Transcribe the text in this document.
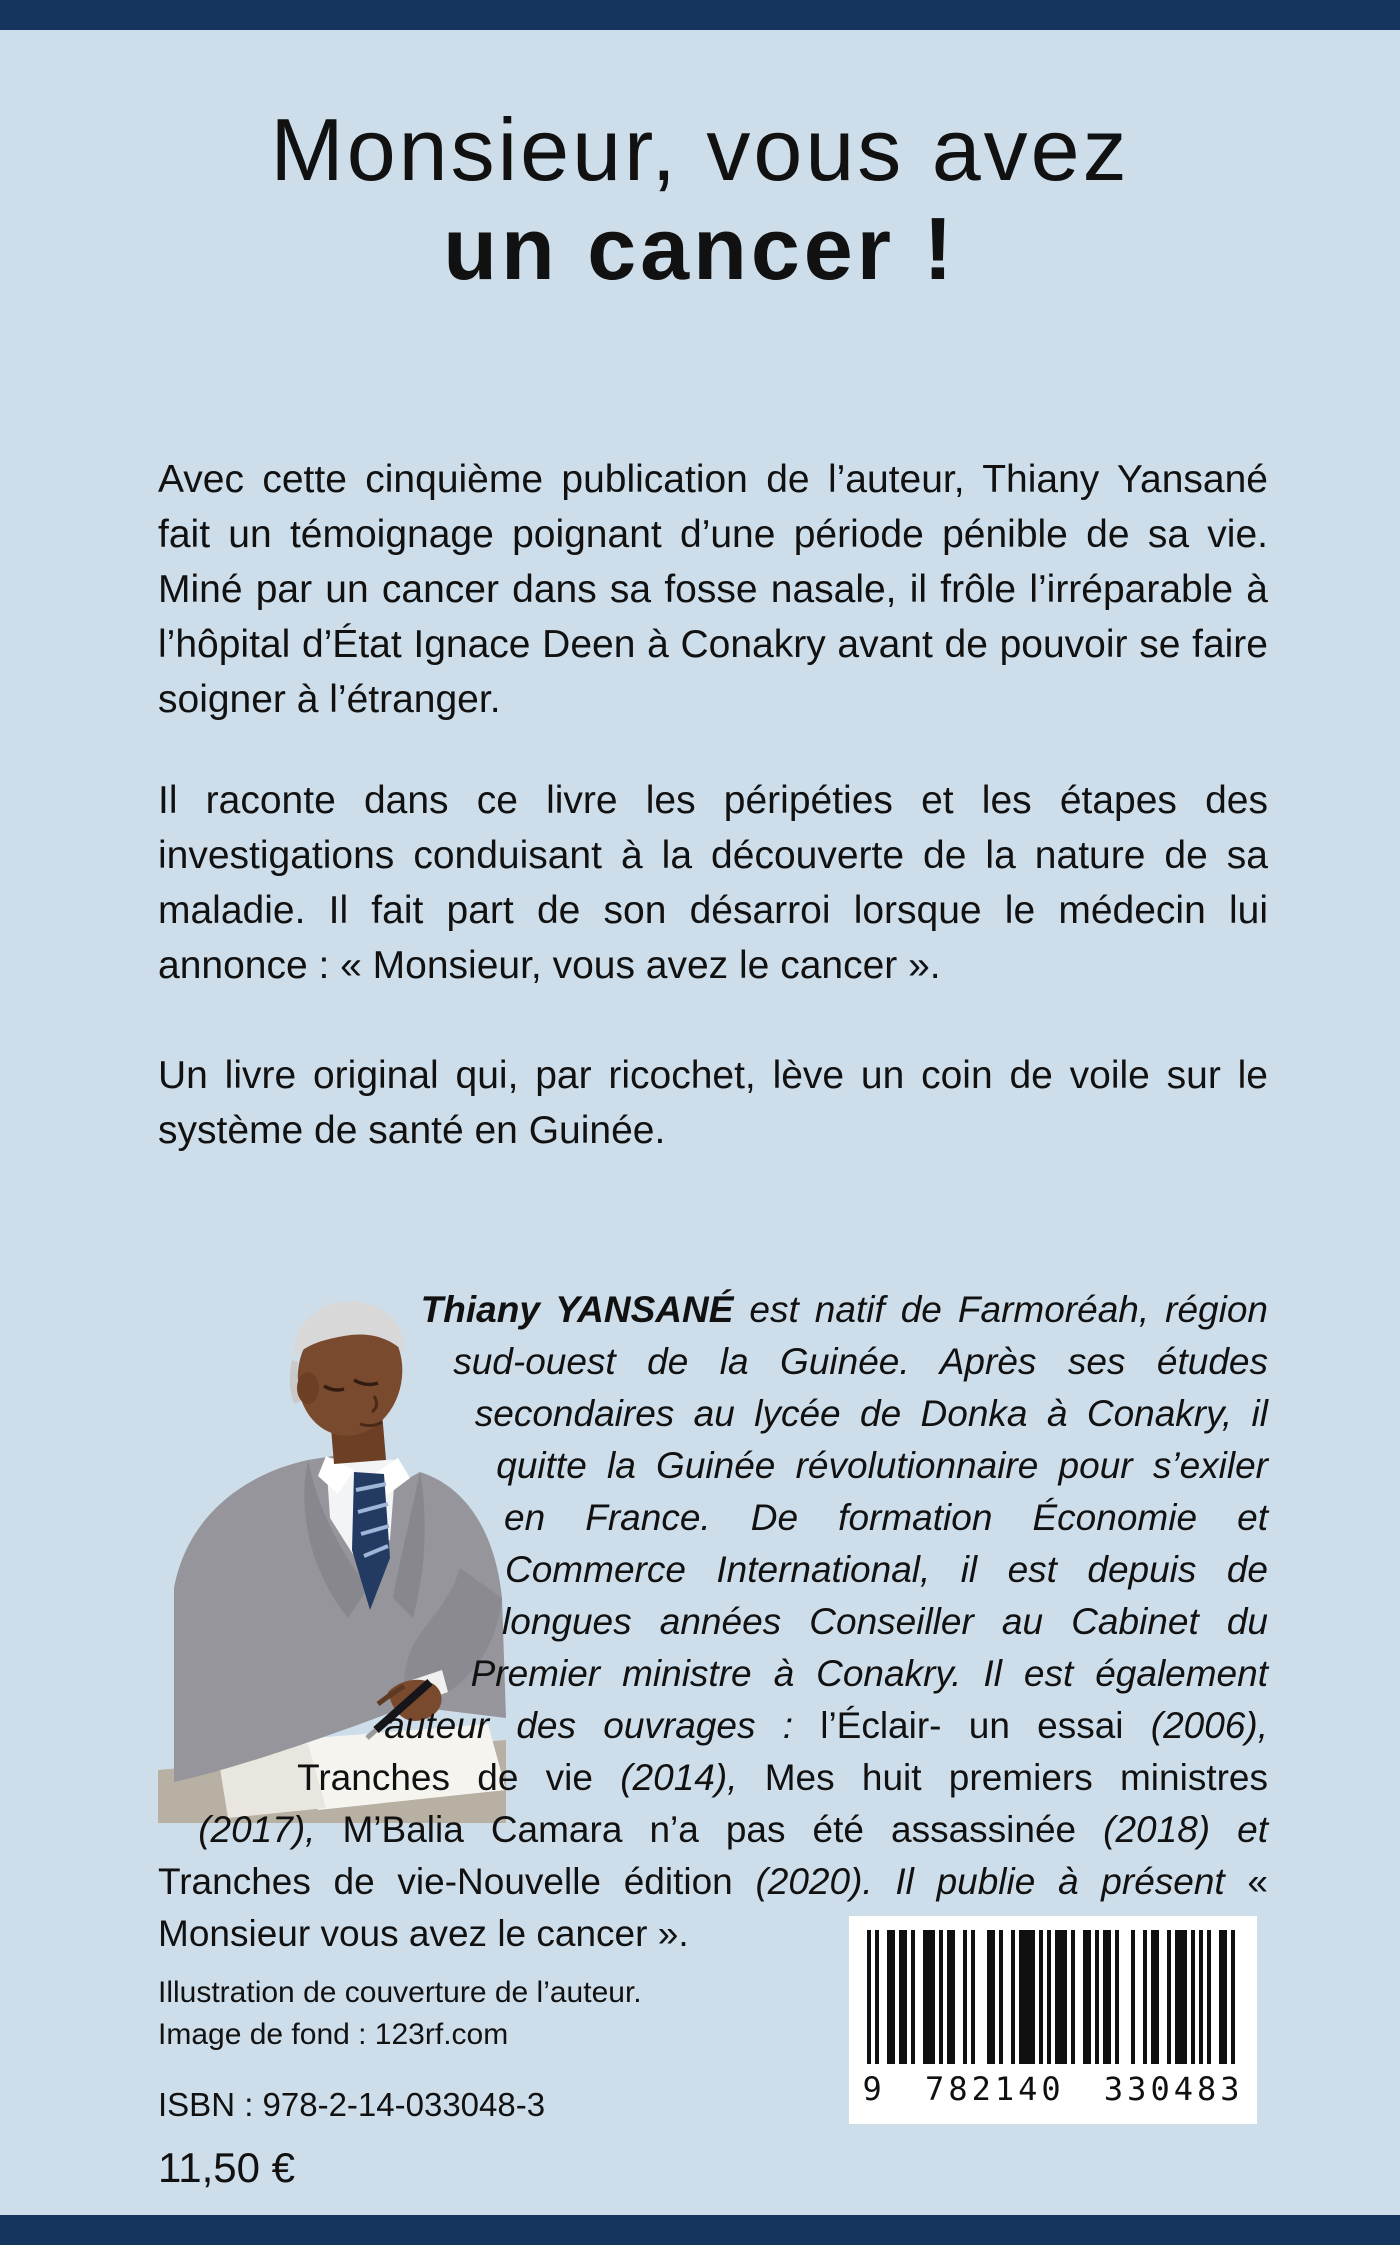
Monsieur, vous avez
un cancer !

Avec cette cinquième publication de l’auteur, Thiany Yansané fait un témoignage poignant d’une période pénible de sa vie. Miné par un cancer dans sa fosse nasale, il frôle l’irréparable à l’hôpital d’État Ignace Deen à Conakry avant de pouvoir se faire soigner à l’étranger.

Il raconte dans ce livre les péripéties et les étapes des investigations conduisant à la découverte de la nature de sa maladie. Il fait part de son désarroi lorsque le médecin lui annonce : « Monsieur, vous avez le cancer ».

Un livre original qui, par ricochet, lève un coin de voile sur le système de santé en Guinée.

Thiany YANSANÉ est natif de Farmoréah, région sud-ouest de la Guinée. Après ses études secondaires au lycée de Donka à Conakry, il quitte la Guinée révolutionnaire pour s’exiler en France. De formation Économie et Commerce International, il est depuis de longues années Conseiller au Cabinet du Premier ministre à Conakry. Il est également auteur des ouvrages : l’Éclair- un essai (2006), Tranches de vie (2014), Mes huit premiers ministres (2017), M’Balia Camara n’a pas été assassinée (2018) et Tranches de vie-Nouvelle édition (2020). Il publie à présent « Monsieur vous avez le cancer ».
Illustration de couverture de l’auteur.
Image de fond : 123rf.com
ISBN : 978-2-14-033048-3
11,50 €
9 782140 330483
